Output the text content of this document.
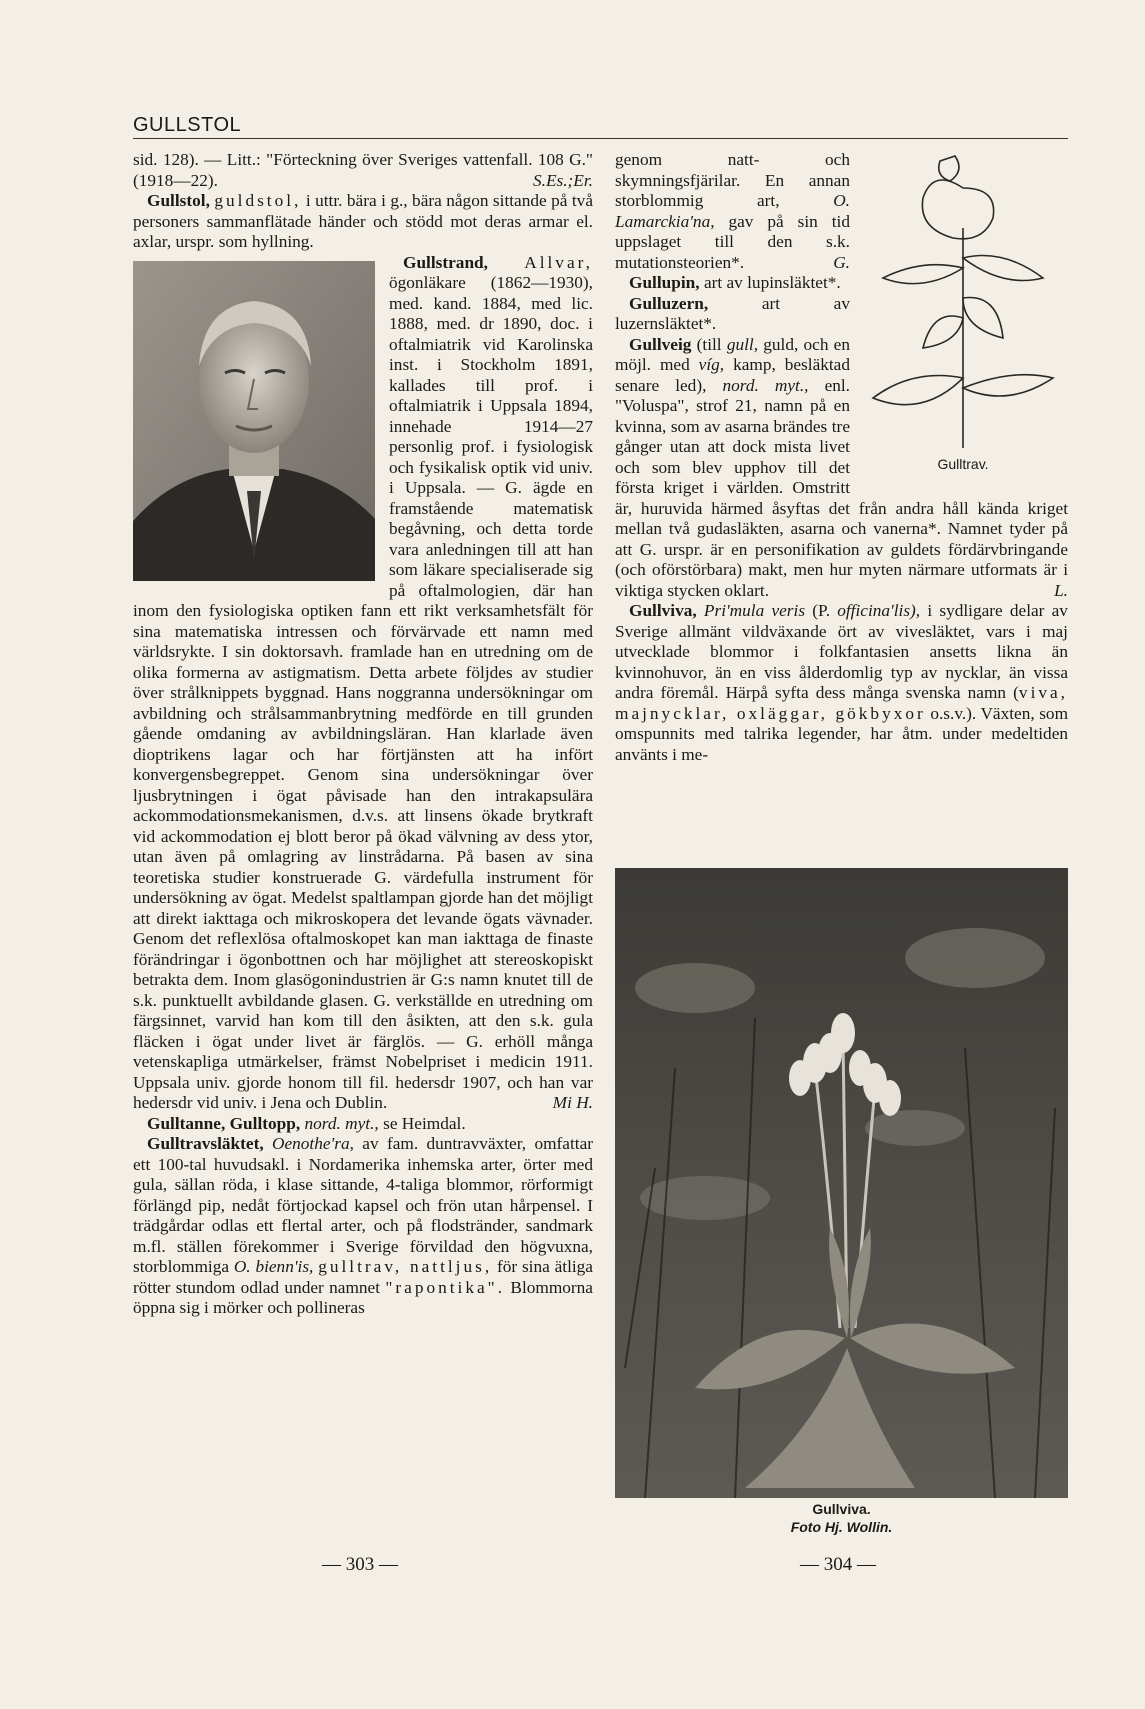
GULLSTOL

sid. 128). — Litt.: "Förteckning över Sveriges vattenfall. 108 G." (1918—22).	S.Es.;Er.

Gullstol, guldstol, i uttr. bära i g., bära någon sittande på två personers sammanflätade händer och stödd mot deras armar el. axlar, urspr. som hyllning.

Gullstrand, Allvar,
ögonläkare (1862—1930), med. kand. 1884, med lic. 1888, med. dr 1890, doc. i oftalmiatrik vid Karolinska inst. i Stockholm 1891, kallades till prof. i oftalmiatrik i Uppsala 1894, innehade 1914—27 personlig prof. i fysiologisk och fysikalisk optik vid univ. i Uppsala. — G. ägde en framstående matematisk begåvning, och detta torde vara anledningen till att han som läkare specialiserade sig på oftalmologien, där han inom den fysiologiska optiken fann ett rikt verksamhetsfält för sina matematiska intressen och förvärvade ett namn med världsrykte. I sin doktorsavh. framlade han en utredning om de olika formerna av astigmatism. Detta arbete följdes av studier över strålknippets byggnad. Hans noggranna undersökningar om avbildning och strålsammanbrytning medförde en till grunden gående omdaning av avbildningsläran. Han klarlade även dioptrikens lagar och har förtjänsten att ha infört konvergensbegreppet. Genom sina undersökningar över ljusbrytningen i ögat påvisade han den intrakapsulära ackommodationsmekanismen, d.v.s. att linsens ökade brytkraft vid ackommodation ej blott beror på ökad välvning av dess ytor, utan även på omlagring av linstrådarna. På basen av sina teoretiska studier konstruerade G. värdefulla instrument för undersökning av ögat. Medelst spaltlampan gjorde han det möjligt att direkt iakttaga och mikroskopera det levande ögats vävnader. Genom det reflexlösa oftalmoskopet kan man iakttaga de finaste förändringar i ögonbottnen och har möjlighet att stereoskopiskt betrakta dem. Inom glasögonindustrien är G:s namn knutet till de s.k. punktuellt avbildande glasen. G. verkställde en utredning om färgsinnet, varvid han kom till den åsikten, att den s.k. gula fläcken i ögat under livet är färglös. — G. erhöll många vetenskapliga utmärkelser, främst Nobelpriset i medicin 1911. Uppsala univ. gjorde honom till fil. hedersdr 1907, och han var hedersdr vid univ. i Jena och Dublin.	Mi H.

Gulltanne, Gulltopp, nord. myt., se Heimdal.

Gulltravsläktet, Oenothe'ra, av fam. duntravväxter, omfattar ett 100-tal huvudsakl. i Nordamerika inhemska arter, örter med gula, sällan röda, i klase sittande, 4-taliga blommor, rörformigt förlängd pip, nedåt förtjockad kapsel och frön utan hårpensel. I trädgårdar odlas ett flertal arter, och på flodstränder, sandmark m.fl. ställen förekommer i Sverige förvildad den högvuxna, storblommiga O. bienn'is, gulltrav, nattljus, för sina ätliga rötter stundom odlad under namnet "rapontika". Blommorna öppna sig i mörker och pollineras

Gulltrav.

genom natt- och skymningsfjärilar. En annan storblommig art,	O. Lamarckia'na, gav på sin tid uppslaget till den s.k. mutationsteorien*.	G.

Gullupin, art av lupinsläktet*.

Gulluzern,	art av luzernsläktet*.

Gullveig (till gull, guld, och en möjl. med víg, kamp, besläktad senare led), nord. myt., enl. "Voluspa", strof 21, namn på en kvinna, som av asarna brändes tre gånger utan att dock mista livet och som blev upphov till det första kriget i världen. Omstritt är, huruvida härmed åsyftas det från andra håll kända kriget mellan två gudasläkten, asarna och vanerna*. Namnet tyder på att G. urspr. är en personifikation av guldets fördärvbringande (och oförstörbara) makt, men hur myten närmare utformats är i viktiga stycken oklart.	L.

Gullviva, Pri'mula veris (P. officina'lis), i sydligare delar av Sverige allmänt vildväxande ört av vivesläktet, vars i maj utvecklade blommor i folkfantasien ansetts likna än kvinnohuvor, än en viss ålderdomlig typ av nycklar, än vissa andra föremål. Härpå syfta dess många svenska namn (viva, majnycklar, oxläggar, gökbyxor o.s.v.). Växten, som omspunnits med talrika legender, har åtm. under medeltiden använts i me-

Gullviva.
Foto Hj. Wollin.
— 303 —	— 304 —
